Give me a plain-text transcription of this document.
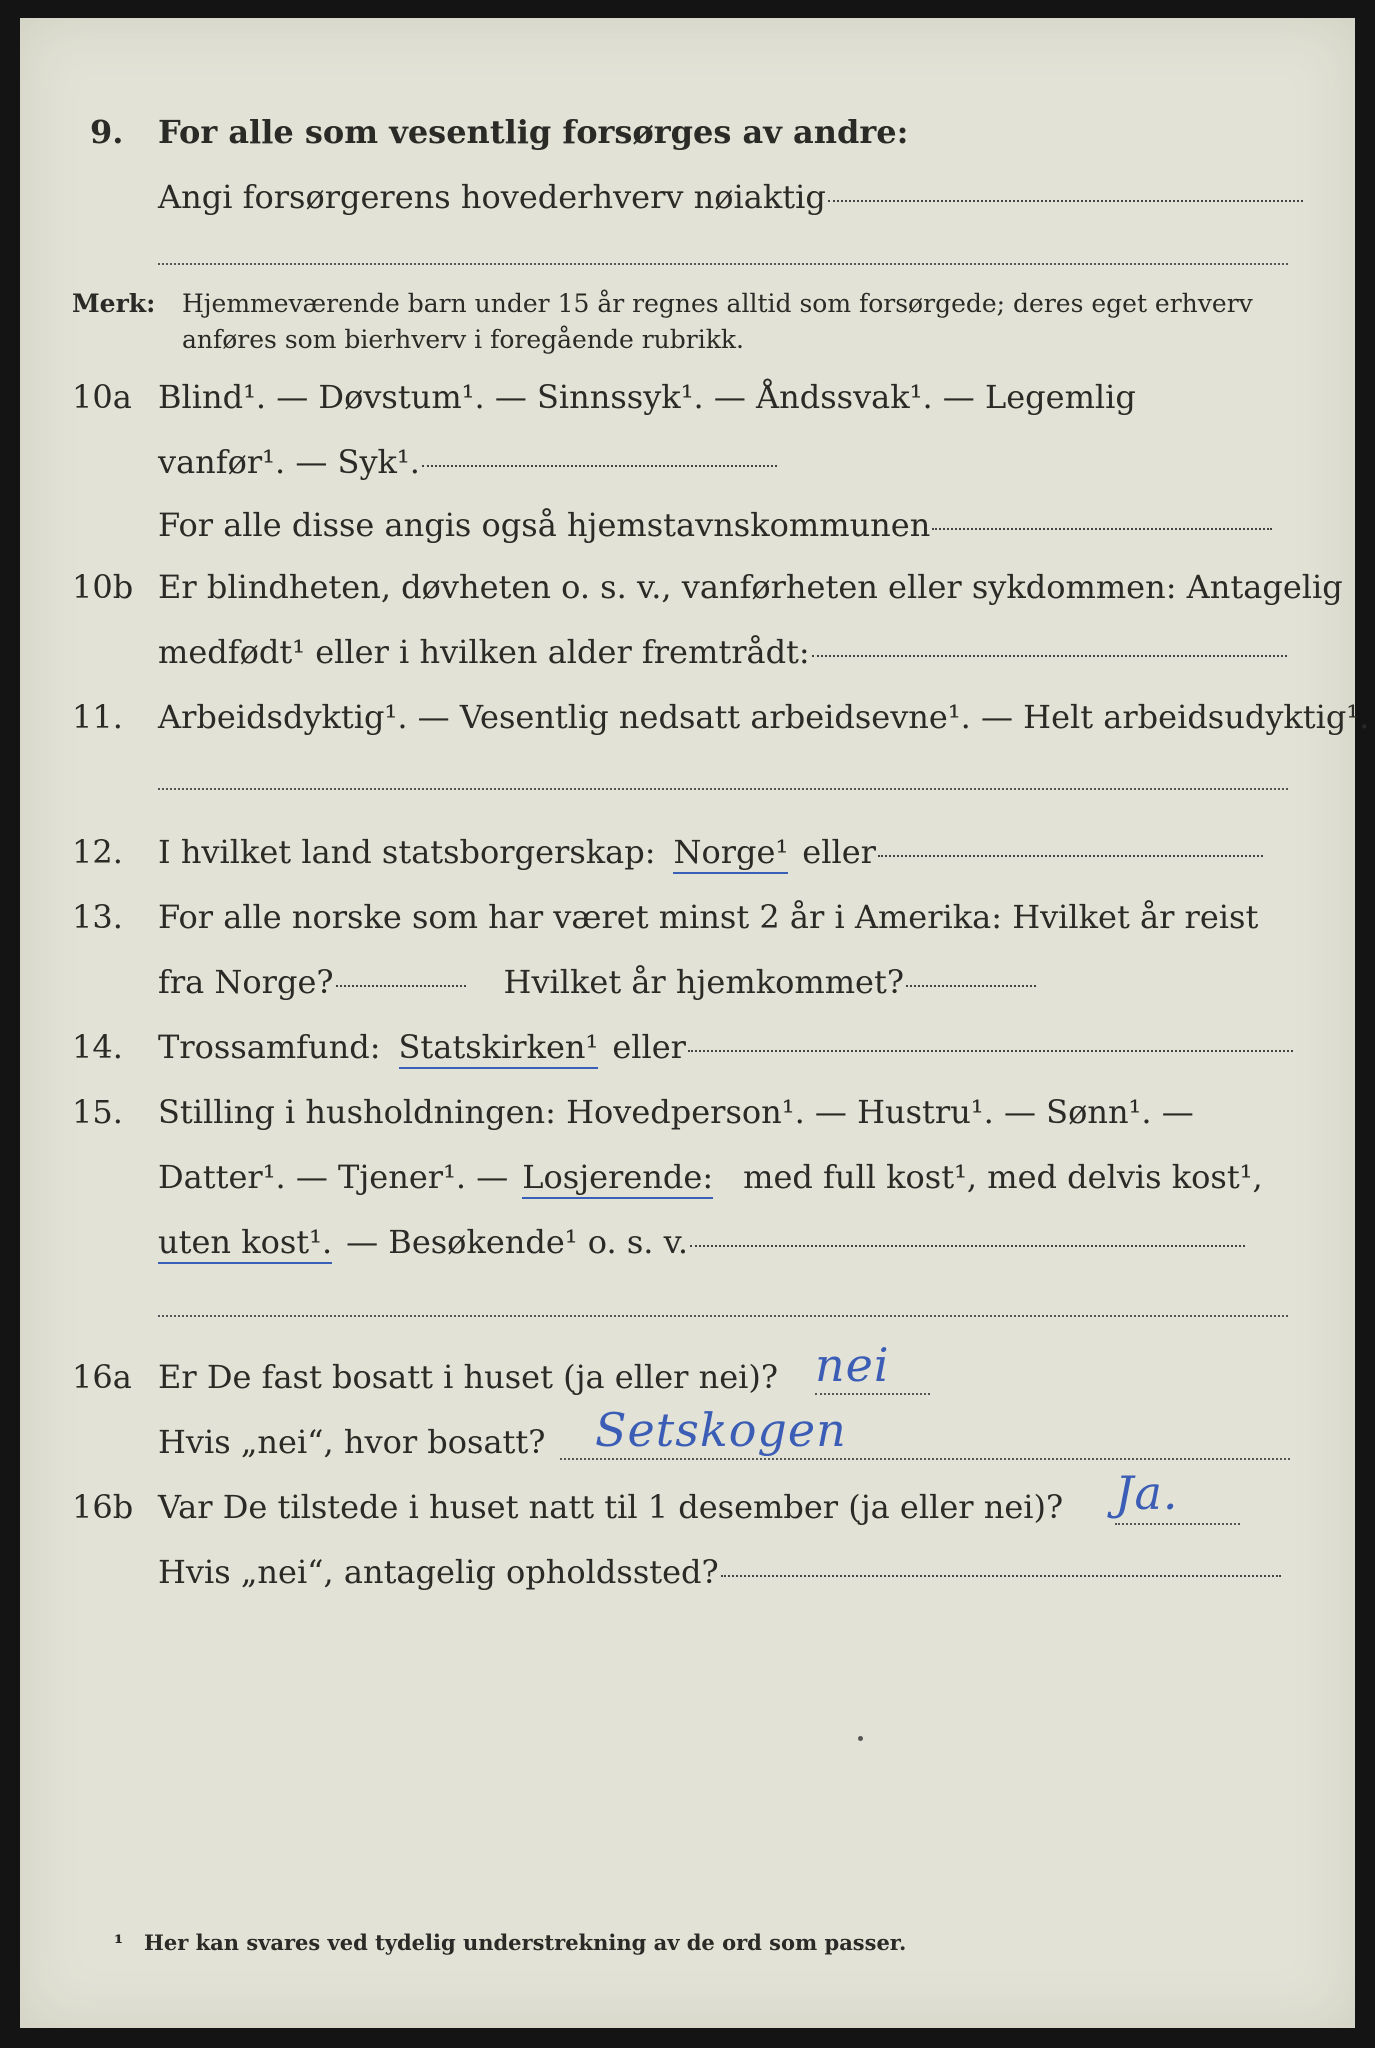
9. For alle som vesentlig forsørges av andre:
Angi forsørgerens hovederhverv nøiaktig
Merk: Hjemmeværende barn under 15 år regnes alltid som forsørgede; deres eget erhverv
anføres som bierhverv i foregående rubrikk.
10a Blind¹. — Døvstum¹. — Sinnssyk¹. — Åndssvak¹. — Legemlig
vanfør¹. — Syk¹.
For alle disse angis også hjemstavnskommunen
10b Er blindheten, døvheten o. s. v., vanførheten eller sykdommen: Antagelig
medfødt¹ eller i hvilken alder fremtrådt:
11. Arbeidsdyktig¹. — Vesentlig nedsatt arbeidsevne¹. — Helt arbeidsudyktig¹.
12. I hvilket land statsborgerskap: Norge¹ eller
13. For alle norske som har været minst 2 år i Amerika: Hvilket år reist
fra Norge?	Hvilket år hjemkommet?
14. Trossamfund: Statskirken¹ eller
15. Stilling i husholdningen: Hovedperson¹. — Hustru¹. — Sønn¹. —
Datter¹. — Tjener¹. — Losjerende: med full kost¹, med delvis kost¹,
uten kost¹. — Besøkende¹ o. s. v.
16a Er De fast bosatt i huset (ja eller nei)? nei
Hvis „nei“, hvor bosatt? Setskogen
16b Var De tilstede i huset natt til 1 desember (ja eller nei)? Ja.
Hvis „nei“, antagelig opholdssted?
¹ Her kan svares ved tydelig understrekning av de ord som passer.
